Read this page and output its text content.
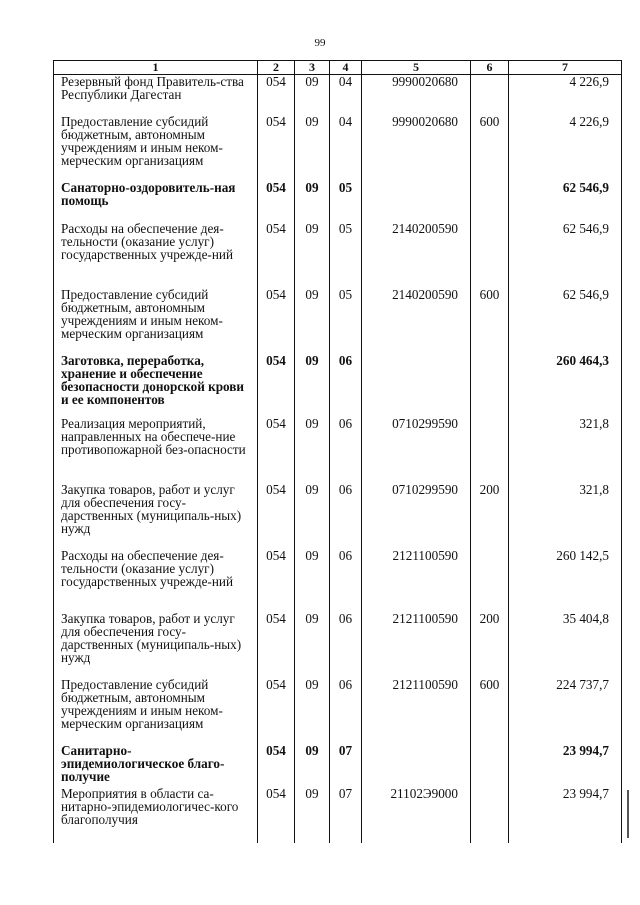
99
1	2	3	4	5	6	7
Резервный фонд Правитель-ства Республики Дагестан	054	09	04	9990020680		4 226,9
Предоставление субсидий бюджетным, автономным учреждениям и иным неком-мерческим организациям	054	09	04	9990020680	600	4 226,9
Санаторно-оздоровитель-ная помощь	054	09	05			62 546,9
Расходы на обеспечение дея-тельности (оказание услуг) государственных учрежде-ний	054	09	05	2140200590		62 546,9
Предоставление субсидий бюджетным, автономным учреждениям и иным неком-мерческим организациям	054	09	05	2140200590	600	62 546,9
Заготовка, переработка, хранение и обеспечение безопасности донорской крови и ее компонентов	054	09	06			260 464,3
Реализация мероприятий, направленных на обеспече-ние противопожарной без-опасности	054	09	06	0710299590		321,8
Закупка товаров, работ и услуг для обеспечения госу-дарственных (муниципаль-ных) нужд	054	09	06	0710299590	200	321,8
Расходы на обеспечение дея-тельности (оказание услуг) государственных учрежде-ний	054	09	06	2121100590		260 142,5
Закупка товаров, работ и услуг для обеспечения госу-дарственных (муниципаль-ных) нужд	054	09	06	2121100590	200	35 404,8
Предоставление субсидий бюджетным, автономным учреждениям и иным неком-мерческим организациям	054	09	06	2121100590	600	224 737,7
Санитарно-эпидемиологическое благо-получие	054	09	07			23 994,7
Мероприятия в области са-нитарно-эпидемиологичес-кого благополучия	054	09	07	21102Э9000		23 994,7
